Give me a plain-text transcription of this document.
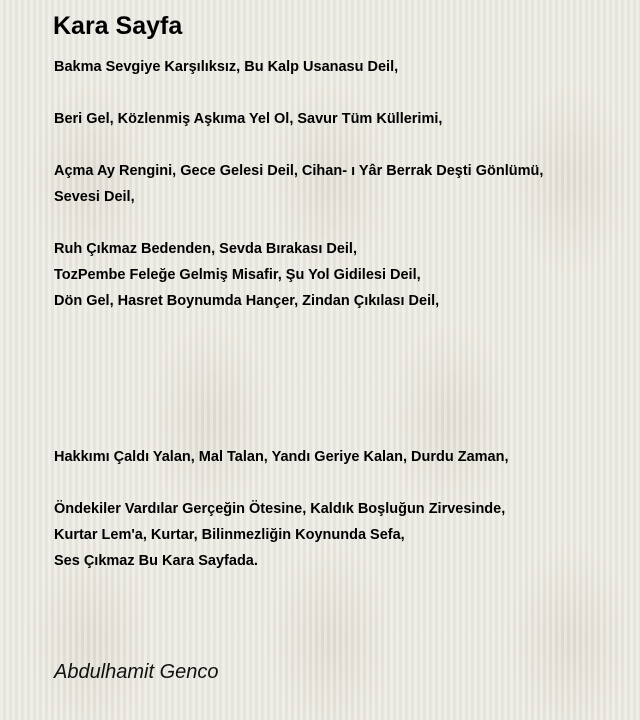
Kara Sayfa
Bakma Sevgiye Karşılıksız, Bu Kalp Usanasu Deil,
Beri Gel, Közlenmiş Aşkıma Yel Ol, Savur Tüm Küllerimi,
Açma Ay Rengini, Gece Gelesi Deil, Cihan- ı Yâr Berrak Deşti Gönlümü,
Sevesi Deil,
Ruh Çıkmaz Bedenden, Sevda Bırakası Deil,
TozPembe Feleğe Gelmiş Misafir, Şu Yol Gidilesi Deil,
Dön Gel, Hasret Boynumda Hançer, Zindan Çıkılası Deil,
Hakkımı Çaldı Yalan, Mal Talan, Yandı Geriye Kalan, Durdu Zaman,
Öndekiler Vardılar Gerçeğin Ötesine, Kaldık Boşluğun Zirvesinde,
Kurtar Lem'a, Kurtar, Bilinmezliğin Koynunda Sefa,
Ses Çıkmaz Bu Kara Sayfada.
Abdulhamit Genco
